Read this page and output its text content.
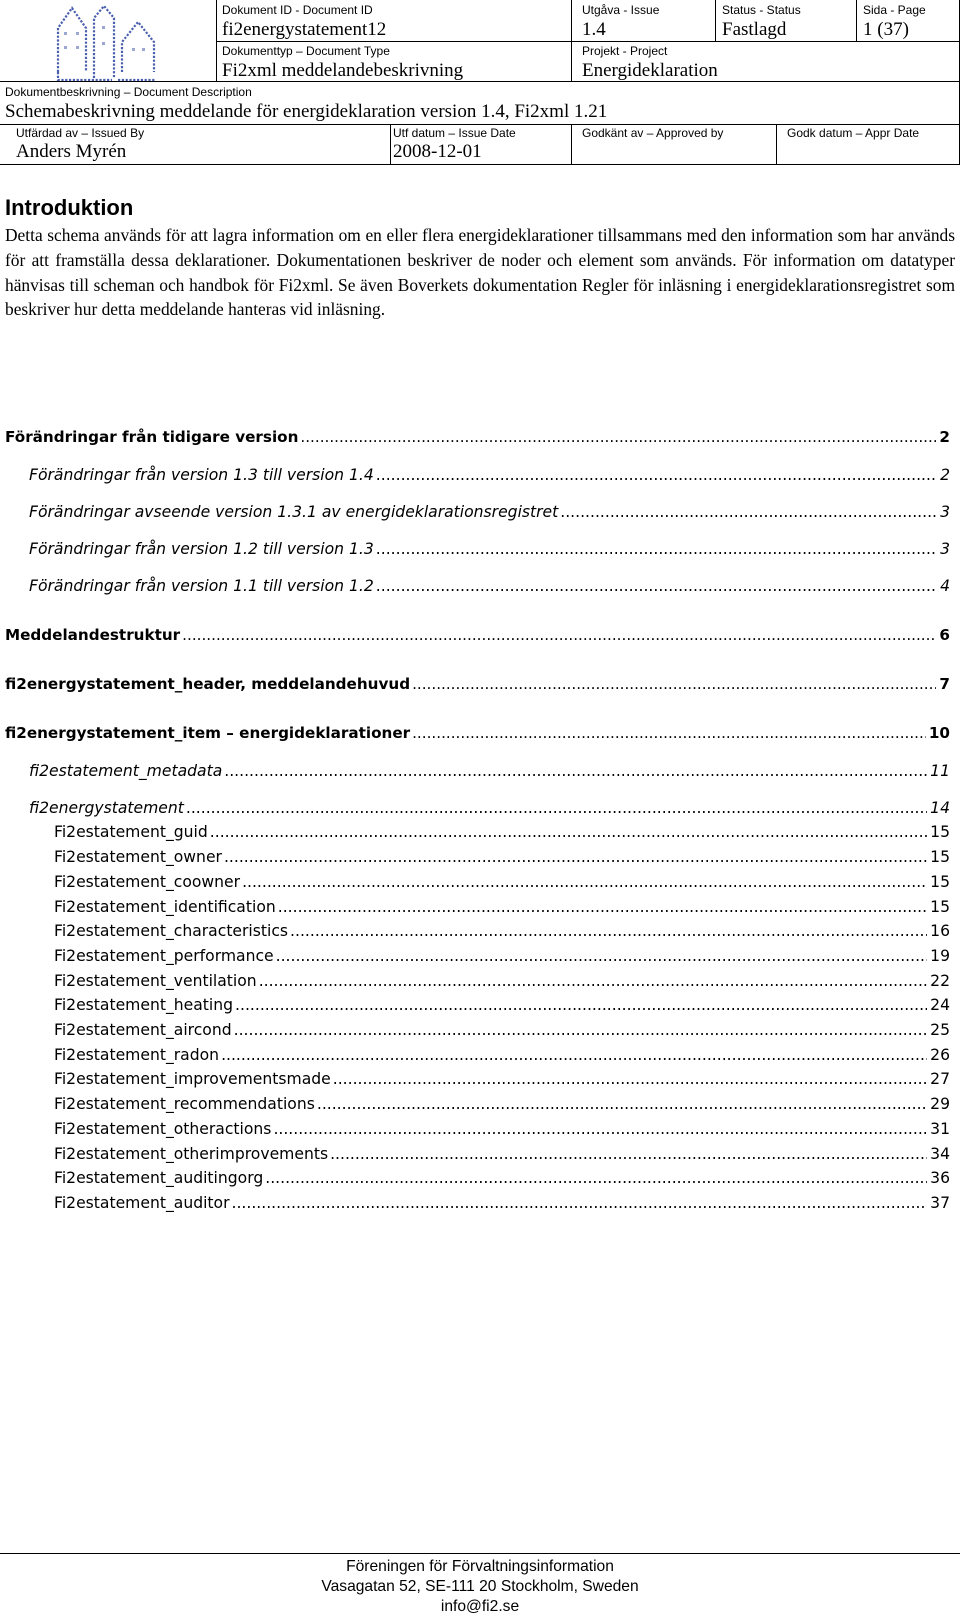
Dokument ID - Document ID
fi2energystatement12
Utgåva - Issue
1.4
Status - Status
Fastlagd
Sida - Page
1 (37)
Dokumenttyp – Document Type
Fi2xml meddelandebeskrivning
Projekt - Project
Energideklaration
Dokumentbeskrivning – Document Description
Schemabeskrivning meddelande för energideklaration version 1.4, Fi2xml 1.21
Utfärdad av – Issued By
Anders Myrén
Utf datum – Issue Date
2008-12-01
Godkänt av – Approved by	Godk datum – Appr Date
Introduktion
Detta schema används för att lagra information om en eller flera energideklarationer tillsammans med den information som har används för att framställa dessa deklarationer. Dokumentationen beskriver de noder och element som används. För information om datatyper hänvisas till scheman och handbok för Fi2xml. Se även Boverkets dokumentation Regler för inläsning i energideklarationsregistret som beskriver hur detta meddelande hanteras vid inläsning.
Förändringar från tidigare version .....	2
Förändringar från version 1.3 till version 1.4 .....	2
Förändringar avseende version 1.3.1 av energideklarationsregistret .....	3
Förändringar från version 1.2 till version 1.3 .....	3
Förändringar från version 1.1 till version 1.2 .....	4
Meddelandestruktur .....	6
fi2energystatement_header, meddelandehuvud .....	7
fi2energystatement_item – energideklarationer .....	10
fi2estatement_metadata .....	11
fi2energystatement .....	14
Fi2estatement_guid .....	15
Fi2estatement_owner .....	15
Fi2estatement_coowner .....	15
Fi2estatement_identification .....	15
Fi2estatement_characteristics .....	16
Fi2estatement_performance .....	19
Fi2estatement_ventilation .....	22
Fi2estatement_heating .....	24
Fi2estatement_aircond .....	25
Fi2estatement_radon .....	26
Fi2estatement_improvementsmade .....	27
Fi2estatement_recommendations .....	29
Fi2estatement_otheractions .....	31
Fi2estatement_otherimprovements .....	34
Fi2estatement_auditingorg .....	36
Fi2estatement_auditor .....	37
Föreningen för Förvaltningsinformation
Vasagatan 52, SE-111 20 Stockholm, Sweden
info@fi2.se
